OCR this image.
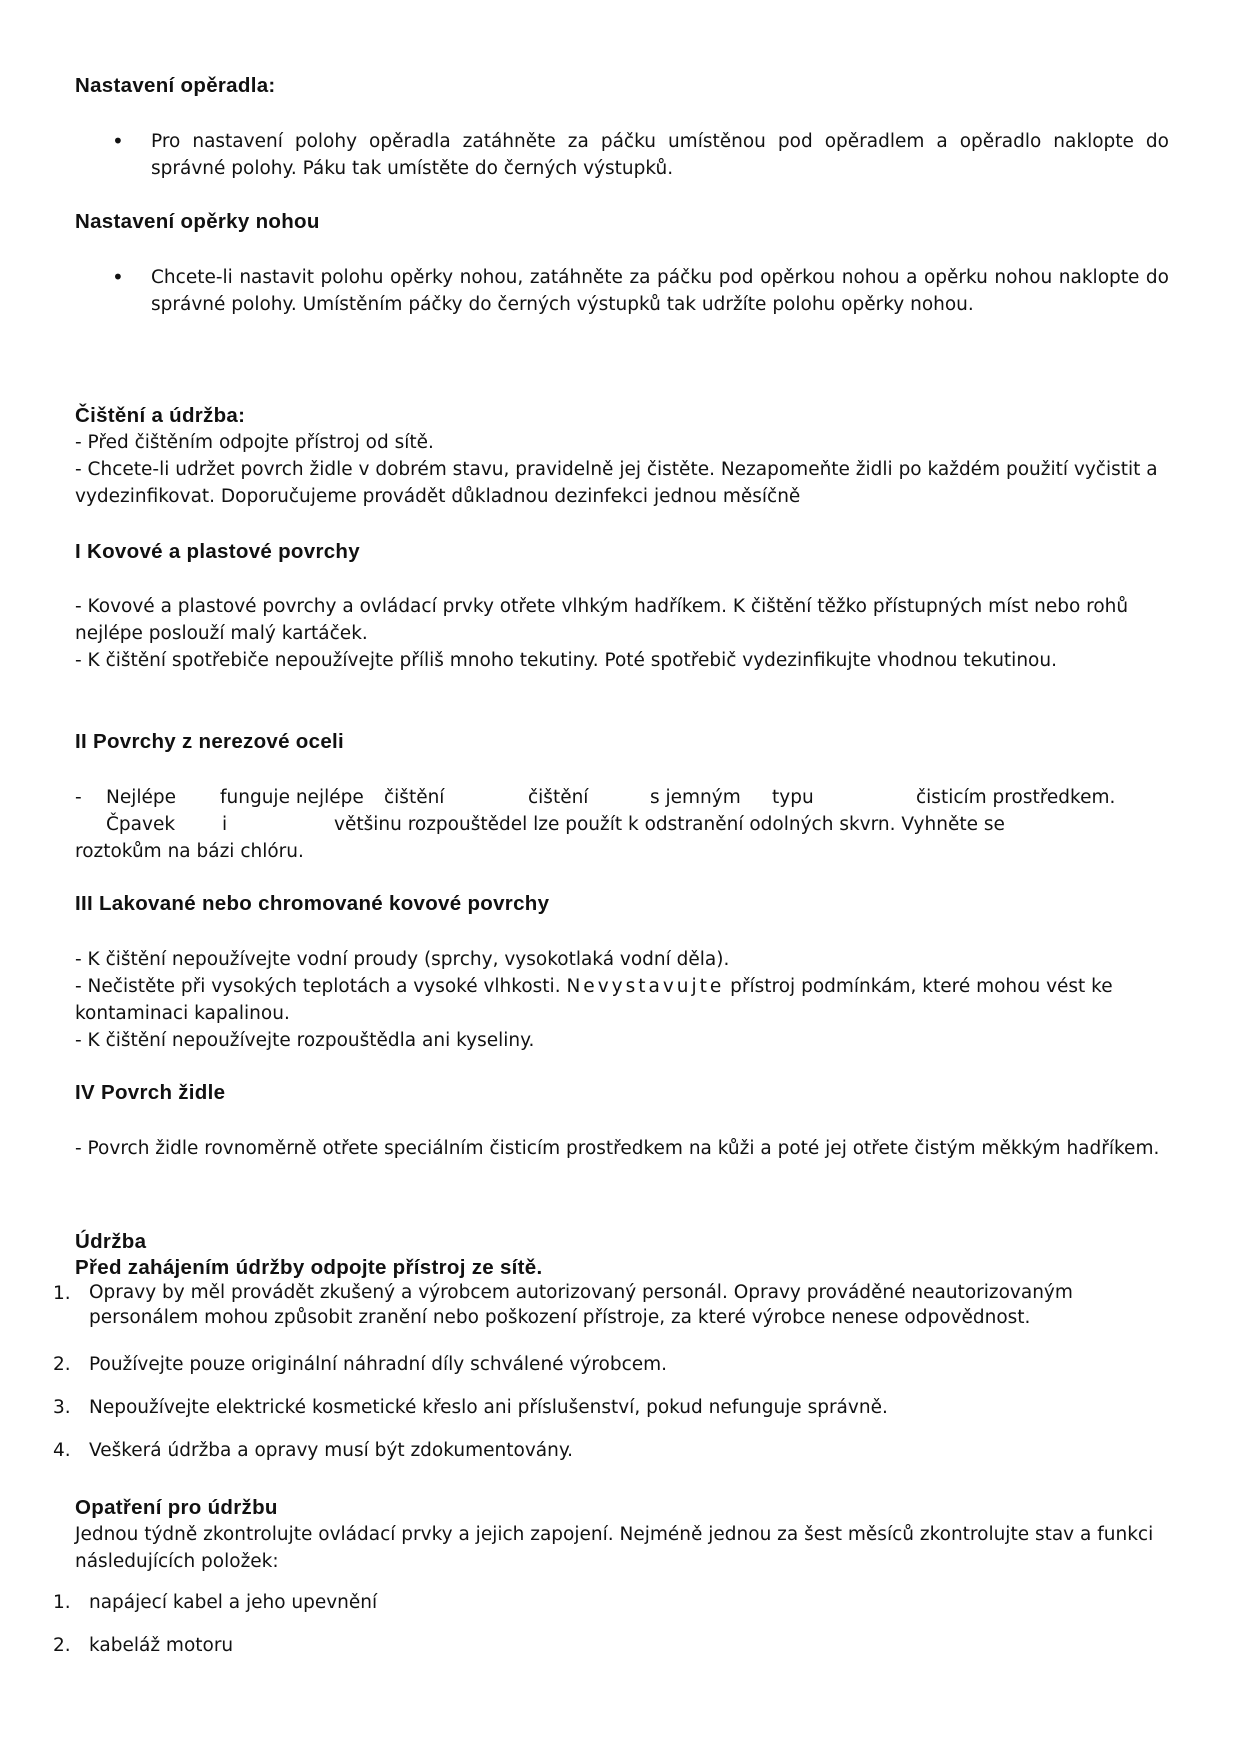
Nastavení opěradla:
• Pro nastavení polohy opěradla zatáhněte za páčku umístěnou pod opěradlem a opěradlo naklopte do správné polohy. Páku tak umístěte do černých výstupků.

Nastavení opěrky nohou
• Chcete-li nastavit polohu opěrky nohou, zatáhněte za páčku pod opěrkou nohou a opěrku nohou naklopte do správné polohy. Umístěním páčky do černých výstupků tak udržíte polohu opěrky nohou.

Čištění a údržba:

- Před čištěním odpojte přístroj od sítě.

- Chcete-li udržet povrch židle v dobrém stavu, pravidelně jej čistěte. Nezapomeňte židli po každém použití vyčistit a vydezinfikovat. Doporučujeme provádět důkladnou dezinfekci jednou měsíčně

I Kovové a plastové povrchy

- Kovové a plastové povrchy a ovládací prvky otřete vlhkým hadříkem. K čištění těžko přístupných míst nebo rohů nejlépe poslouží malý kartáček.

- K čištění spotřebiče nepoužívejte příliš mnoho tekutiny. Poté spotřebič vydezinfikujte vhodnou tekutinou.

II Povrchy z nerezové oceli
- Nejlépe funguje nejlépe čištění	čištění	s jemným typu	čisticím prostředkem.
Čpavek	i	většinu rozpouštědel lze použít k odstranění odolných skvrn. Vyhněte se

roztokům na bázi chlóru.

III Lakované nebo chromované kovové povrchy

- K čištění nepoužívejte vodní proudy (sprchy, vysokotlaká vodní děla).

- Nečistěte při vysokých teplotách a vysoké vlhkosti. Nevystavujte přístroj podmínkám, které mohou vést ke kontaminaci kapalinou.

- K čištění nepoužívejte rozpouštědla ani kyseliny.

IV Povrch židle

- Povrch židle rovnoměrně otřete speciálním čisticím prostředkem na kůži a poté jej otřete čistým měkkým hadříkem.

Údržba
Před zahájením údržby odpojte přístroj ze sítě.
1. Opravy by měl provádět zkušený a výrobcem autorizovaný personál. Opravy prováděné neautorizovaným personálem mohou způsobit zranění nebo poškození přístroje, za které výrobce nenese odpovědnost.

2. Používejte pouze originální náhradní díly schválené výrobcem.

3. Nepoužívejte elektrické kosmetické křeslo ani příslušenství, pokud nefunguje správně.

4. Veškerá údržba a opravy musí být zdokumentovány.

Opatření pro údržbu

Jednou týdně zkontrolujte ovládací prvky a jejich zapojení. Nejméně jednou za šest měsíců zkontrolujte stav a funkci následujících položek:

1. napájecí kabel a jeho upevnění

2. kabeláž motoru
